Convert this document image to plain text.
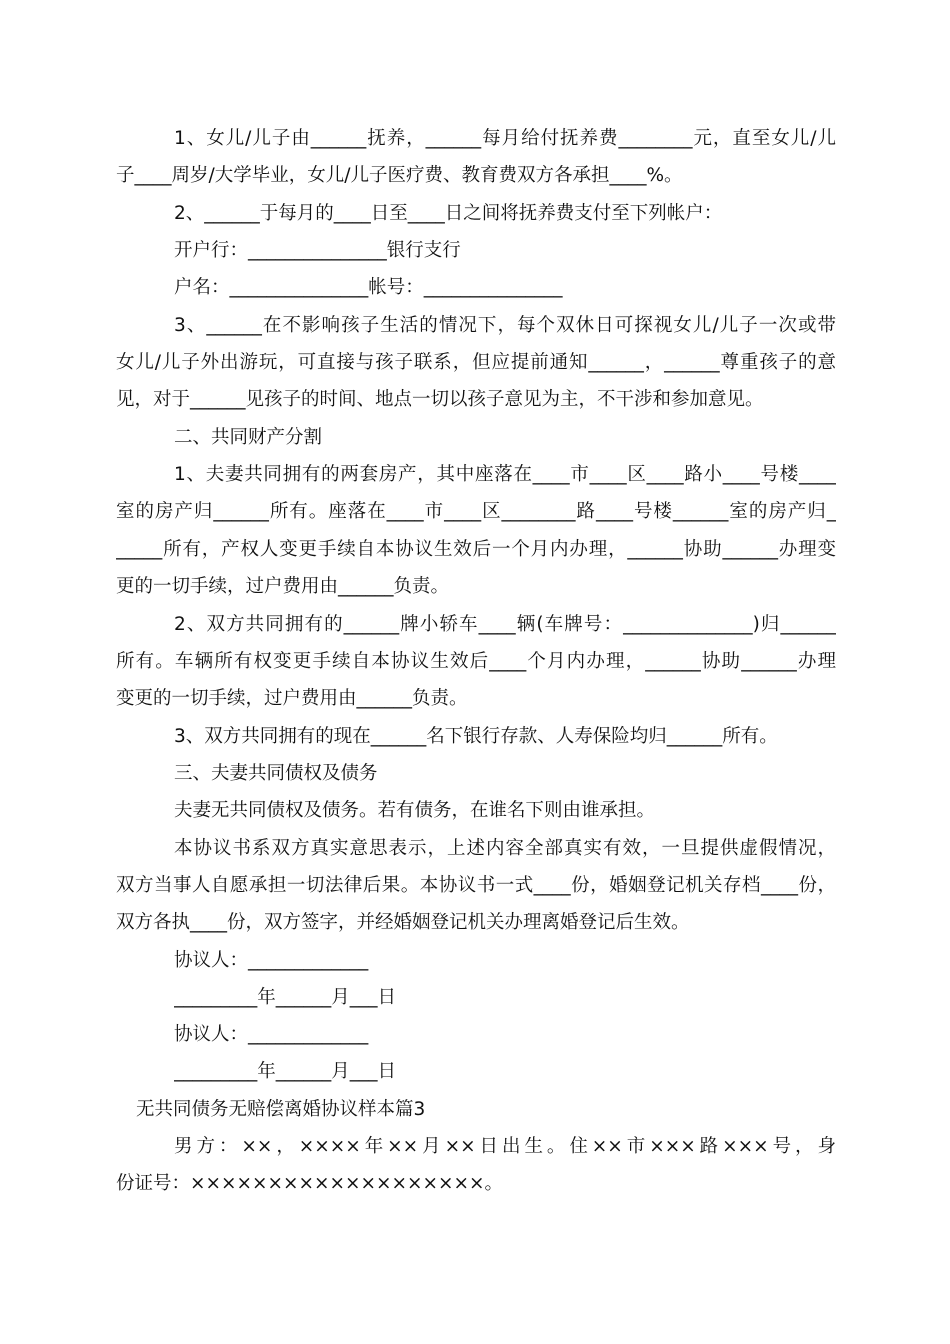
1、女儿/儿子由______抚养，______每月给付抚养费________元，直至女儿/儿
子____周岁/大学毕业，女儿/儿子医疗费、教育费双方各承担____%。
2、______于每月的____日至____日之间将抚养费支付至下列帐户：
开户行：_______________银行支行
户名：_______________帐号：_______________
3、______在不影响孩子生活的情况下，每个双休日可探视女儿/儿子一次或带
女儿/儿子外出游玩，可直接与孩子联系，但应提前通知______，______尊重孩子的意
见，对于______见孩子的时间、地点一切以孩子意见为主，不干涉和参加意见。
二、共同财产分割
1、夫妻共同拥有的两套房产，其中座落在____市____区____路小____号楼____
室的房产归______所有。座落在____市____区________路____号楼______室的房产归_
_____所有，产权人变更手续自本协议生效后一个月内办理，______协助______办理变
更的一切手续，过户费用由______负责。
2、双方共同拥有的______牌小轿车____辆(车牌号：______________)归______
所有。车辆所有权变更手续自本协议生效后____个月内办理，______协助______办理
变更的一切手续，过户费用由______负责。
3、双方共同拥有的现在______名下银行存款、人寿保险均归______所有。
三、夫妻共同债权及债务
夫妻无共同债权及债务。若有债务，在谁名下则由谁承担。
本协议书系双方真实意思表示，上述内容全部真实有效，一旦提供虚假情况，
双方当事人自愿承担一切法律后果。本协议书一式____份，婚姻登记机关存档____份，
双方各执____份，双方签字，并经婚姻登记机关办理离婚登记后生效。
协议人：_____________
_________年______月___日
协议人：_____________
_________年______月___日
无共同债务无赔偿离婚协议样本篇3
男方：××，××××年××月××日出生。住××市×××路×××号，身
份证号：×××××××××××××××××××。
